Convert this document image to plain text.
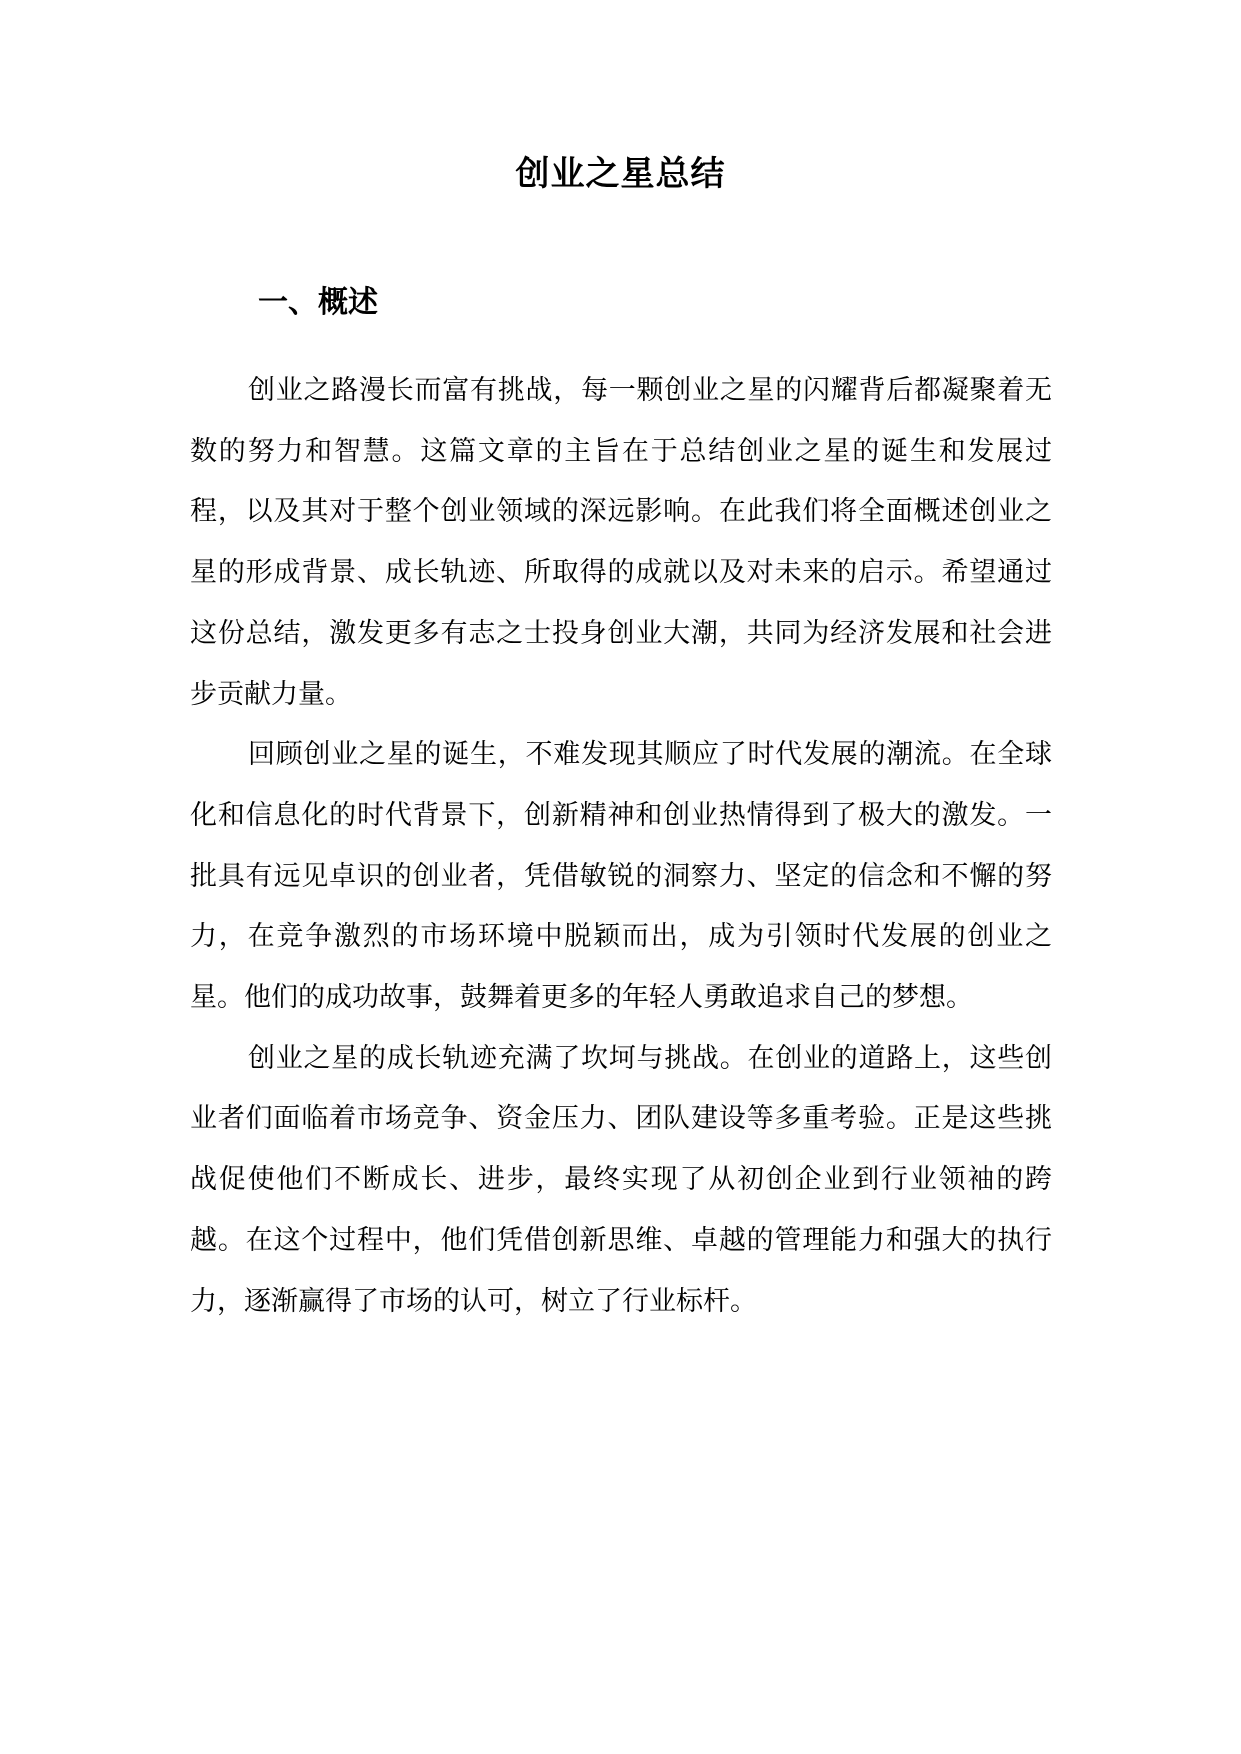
创业之星总结
一、概述

创业之路漫长而富有挑战，每一颗创业之星的闪耀背后都凝聚着无数的努力和智慧。这篇文章的主旨在于总结创业之星的诞生和发展过程，以及其对于整个创业领域的深远影响。在此我们将全面概述创业之星的形成背景、成长轨迹、所取得的成就以及对未来的启示。希望通过这份总结，激发更多有志之士投身创业大潮，共同为经济发展和社会进步贡献力量。

回顾创业之星的诞生，不难发现其顺应了时代发展的潮流。在全球化和信息化的时代背景下，创新精神和创业热情得到了极大的激发。一批具有远见卓识的创业者，凭借敏锐的洞察力、坚定的信念和不懈的努力，在竞争激烈的市场环境中脱颖而出，成为引领时代发展的创业之星。他们的成功故事，鼓舞着更多的年轻人勇敢追求自己的梦想。

创业之星的成长轨迹充满了坎坷与挑战。在创业的道路上，这些创业者们面临着市场竞争、资金压力、团队建设等多重考验。正是这些挑战促使他们不断成长、进步，最终实现了从初创企业到行业领袖的跨越。在这个过程中，他们凭借创新思维、卓越的管理能力和强大的执行力，逐渐赢得了市场的认可，树立了行业标杆。
